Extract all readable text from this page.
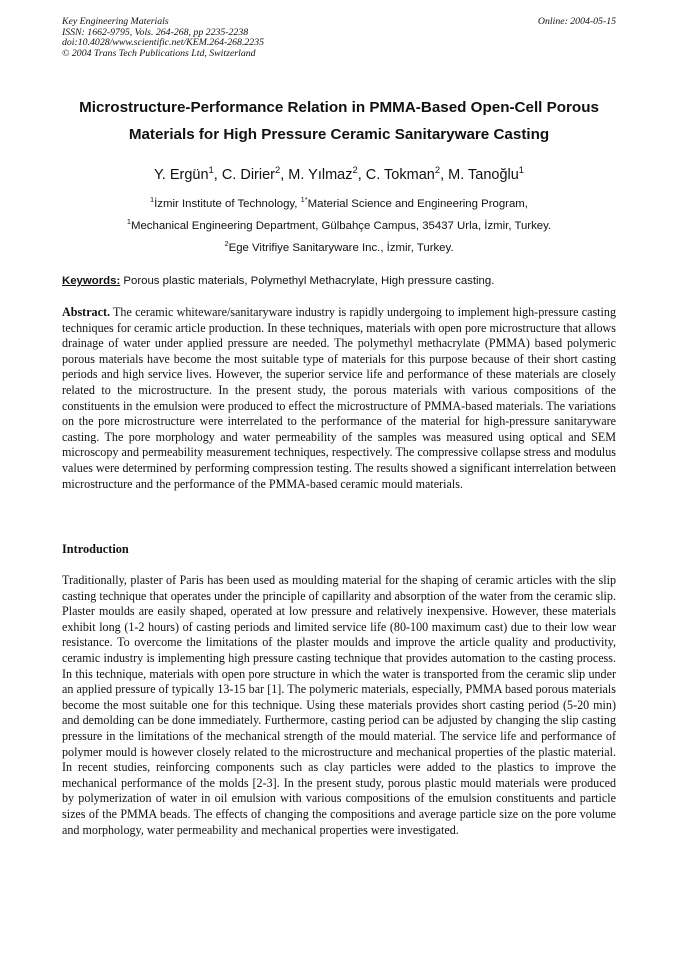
Key Engineering Materials
ISSN: 1662-9795, Vols. 264-268, pp 2235-2238
doi:10.4028/www.scientific.net/KEM.264-268.2235
© 2004 Trans Tech Publications Ltd, Switzerland
Online: 2004-05-15
Microstructure-Performance Relation in PMMA-Based Open-Cell Porous
Materials for High Pressure Ceramic Sanitaryware Casting
Y. Ergün$^1$, C. Dirier$^2$, M. Yılmaz$^2$, C. Tokman$^2$, M. Tanoğlu$^1$
$^1$İzmir Institute of Technology, $^{1*}$Material Science and Engineering Program,
$^1$Mechanical Engineering Department, Gülbahçe Campus, 35437 Urla, İzmir, Turkey.
$^2$Ege Vitrifiye Sanitaryware Inc., İzmir, Turkey.
Keywords: Porous plastic materials, Polymethyl Methacrylate, High pressure casting.
Abstract. The ceramic whiteware/sanitaryware industry is rapidly undergoing to implement high-pressure casting techniques for ceramic article production. In these techniques, materials with open pore microstructure that allows drainage of water under applied pressure are needed. The polymethyl methacrylate (PMMA) based polymeric porous materials have become the most suitable type of materials for this purpose because of their short casting periods and high service lives. However, the superior service life and performance of these materials are closely related to the microstructure. In the present study, the porous materials with various compositions of the constituents in the emulsion were produced to effect the microstructure of PMMA-based materials. The variations on the pore microstructure were interrelated to the performance of the material for high-pressure sanitaryware casting. The pore morphology and water permeability of the samples was measured using optical and SEM microscopy and permeability measurement techniques, respectively. The compressive collapse stress and modulus values were determined by performing compression testing. The results showed a significant interrelation between microstructure and the performance of the PMMA-based ceramic mould materials.
Introduction
Traditionally, plaster of Paris has been used as moulding material for the shaping of ceramic articles with the slip casting technique that operates under the principle of capillarity and absorption of the water from the ceramic slip. Plaster moulds are easily shaped, operated at low pressure and relatively inexpensive. However, these materials exhibit long (1-2 hours) of casting periods and limited service life (80-100 maximum cast) due to their low wear resistance. To overcome the limitations of the plaster moulds and improve the article quality and productivity, ceramic industry is implementing high pressure casting technique that provides automation to the casting process. In this technique, materials with open pore structure in which the water is transported from the ceramic slip under an applied pressure of typically 13-15 bar [1]. The polymeric materials, especially, PMMA based porous materials become the most suitable one for this technique. Using these materials provides short casting period (5-20 min) and demolding can be done immediately. Furthermore, casting period can be adjusted by changing the slip casting pressure in the limitations of the mechanical strength of the mould material. The service life and performance of polymer mould is however closely related to the microstructure and mechanical properties of the plastic material. In recent studies, reinforcing components such as clay particles were added to the plastics to improve the mechanical performance of the molds [2-3]. In the present study, porous plastic mould materials were produced by polymerization of water in oil emulsion with various compositions of the emulsion constituents and particle sizes of the PMMA beads. The effects of changing the compositions and average particle size on the pore volume and morphology, water permeability and mechanical properties were investigated.
